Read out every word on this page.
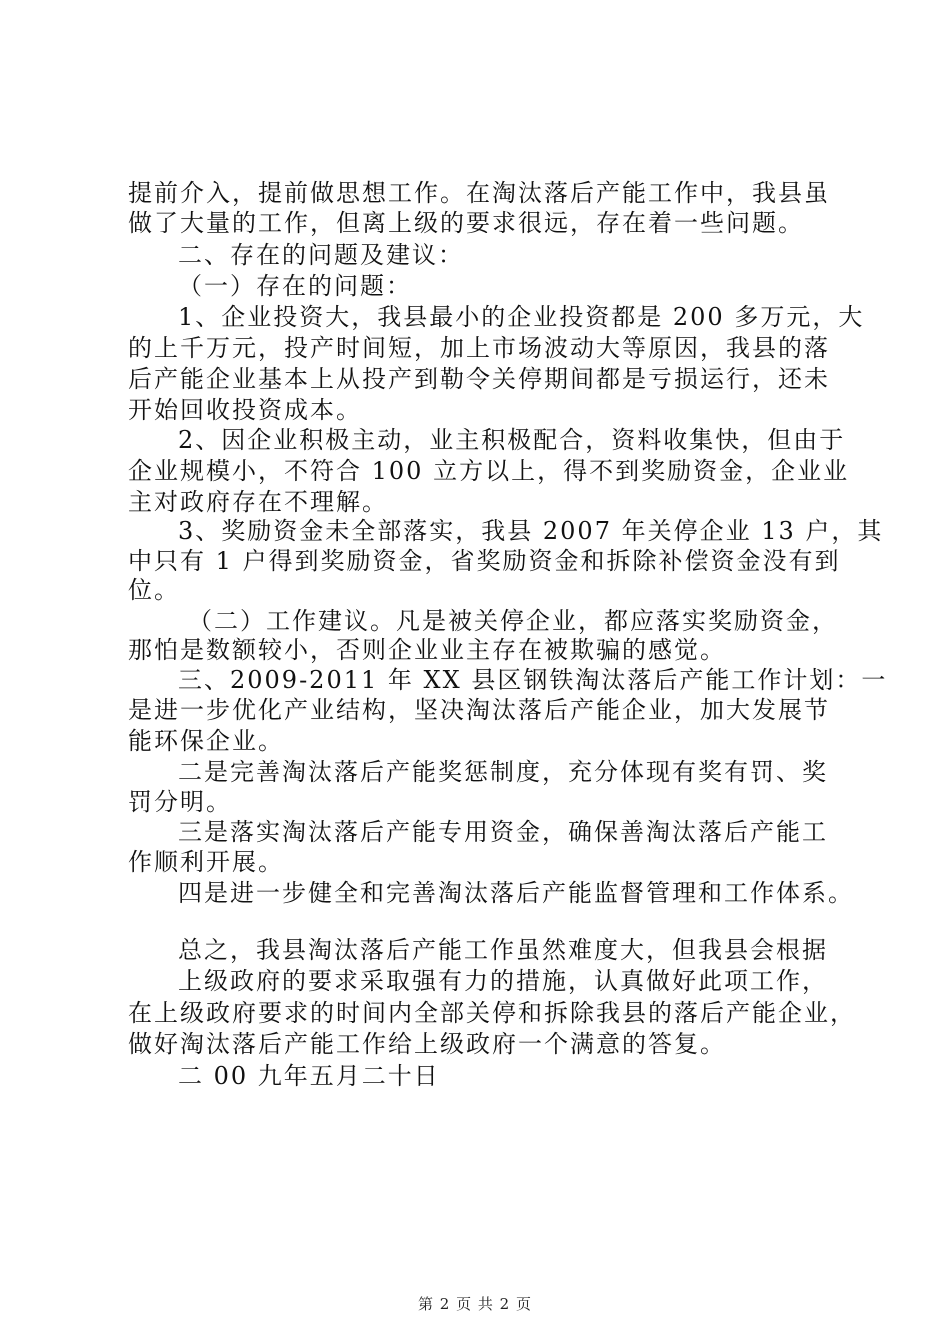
提前介入，提前做思想工作。在淘汰落后产能工作中，我县虽
做了大量的工作，但离上级的要求很远，存在着一些问题。
二、存在的问题及建议：
（一）存在的问题：
1、企业投资大，我县最小的企业投资都是 200 多万元，大
的上千万元，投产时间短，加上市场波动大等原因，我县的落
后产能企业基本上从投产到勒令关停期间都是亏损运行，还未
开始回收投资成本。
2、因企业积极主动，业主积极配合，资料收集快，但由于
企业规模小，不符合 100 立方以上，得不到奖励资金，企业业
主对政府存在不理解。
3、奖励资金未全部落实，我县 2007 年关停企业 13 户，其
中只有 1 户得到奖励资金，省奖励资金和拆除补偿资金没有到
位。
（二）工作建议。凡是被关停企业，都应落实奖励资金，
那怕是数额较小，否则企业业主存在被欺骗的感觉。
三、2009-2011 年 XX 县区钢铁淘汰落后产能工作计划：一
是进一步优化产业结构，坚决淘汰落后产能企业，加大发展节
能环保企业。
二是完善淘汰落后产能奖惩制度，充分体现有奖有罚、奖
罚分明。
三是落实淘汰落后产能专用资金，确保善淘汰落后产能工
作顺利开展。
四是进一步健全和完善淘汰落后产能监督管理和工作体系。
总之，我县淘汰落后产能工作虽然难度大，但我县会根据
上级政府的要求采取强有力的措施，认真做好此项工作，
在上级政府要求的时间内全部关停和拆除我县的落后产能企业，
做好淘汰落后产能工作给上级政府一个满意的答复。
二 00 九年五月二十日
第 2 页 共 2 页
